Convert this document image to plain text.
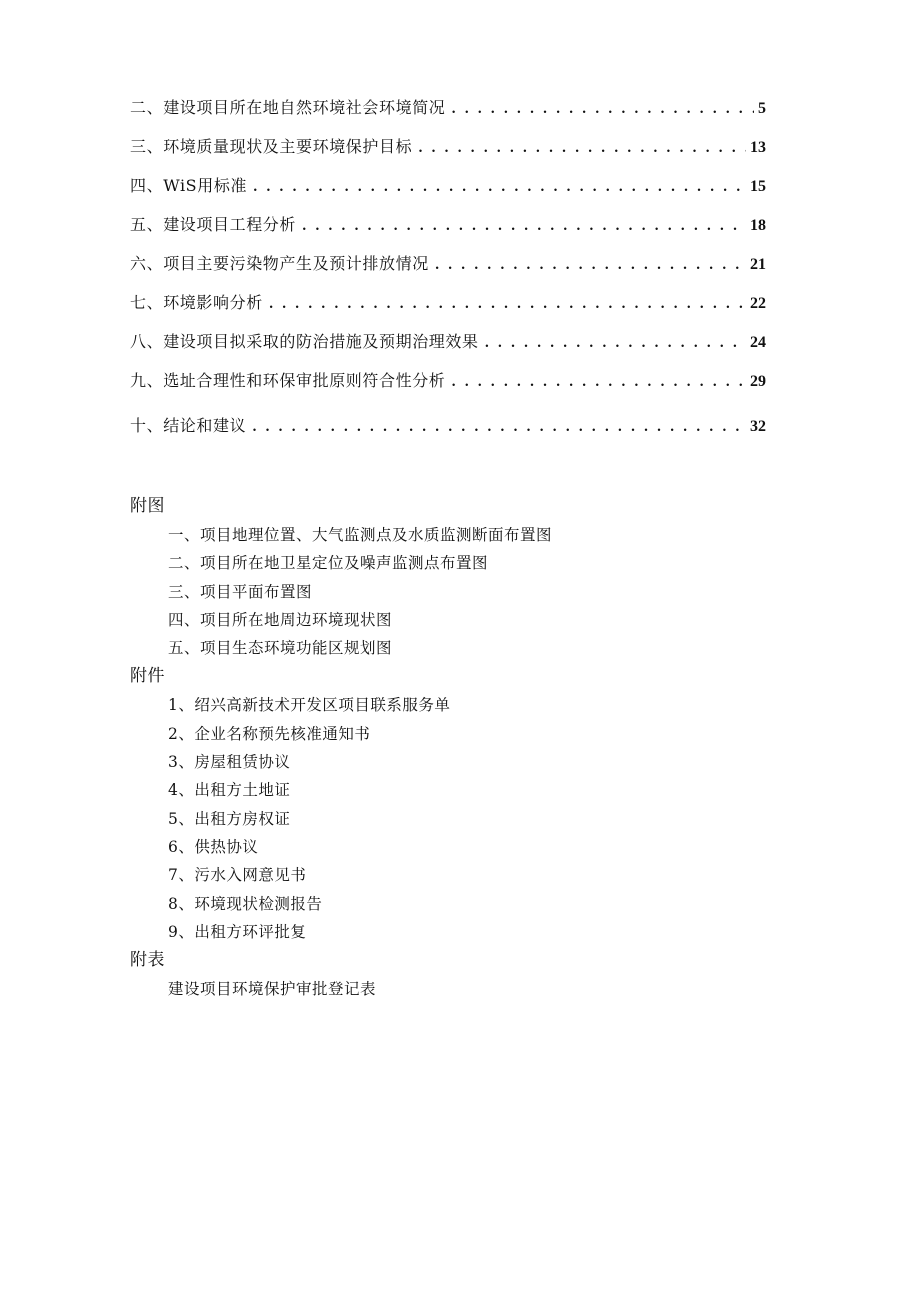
二、建设项目所在地自然环境社会环境简况 . . .	5
三、环境质量现状及主要环境保护目标 . . .	13
四、WiS用标准 . . .	15
五、建设项目工程分析 . . .	18
六、项目主要污染物产生及预计排放情况 . . .	21
七、环境影响分析 . . .	22
八、建设项目拟采取的防治措施及预期治理效果 . . .	24
九、选址合理性和环保审批原则符合性分析 . . .	29
十、结论和建议 . . .	32
附图
一、项目地理位置、大气监测点及水质监测断面布置图
二、项目所在地卫星定位及噪声监测点布置图
三、项目平面布置图
四、项目所在地周边环境现状图
五、项目生态环境功能区规划图
附件
1、绍兴高新技术开发区项目联系服务单
2、企业名称预先核准通知书
3、房屋租赁协议
4、出租方土地证
5、出租方房权证
6、供热协议
7、污水入网意见书
8、环境现状检测报告
9、出租方环评批复
附表
建设项目环境保护审批登记表
